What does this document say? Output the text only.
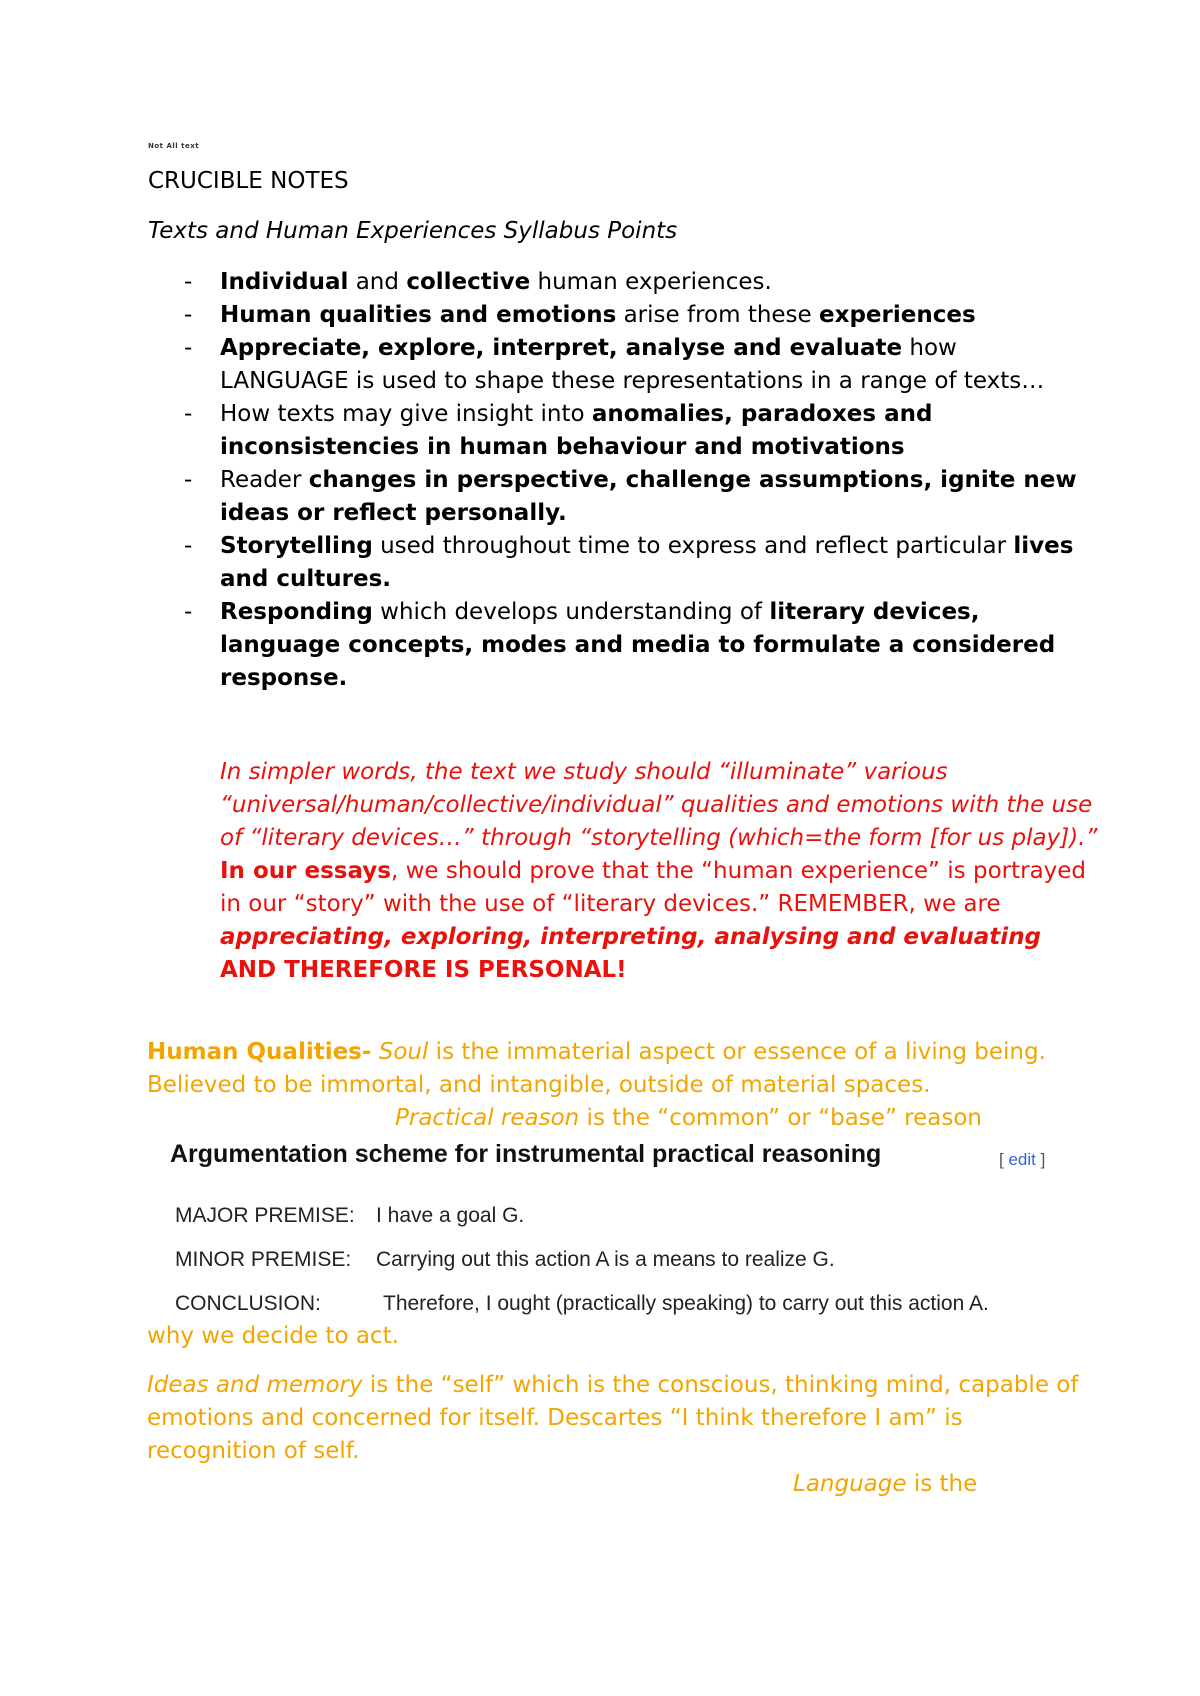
Not All text
CRUCIBLE NOTES
Texts and Human Experiences Syllabus Points
- Individual and collective human experiences.
- Human qualities and emotions arise from these experiences
- Appreciate, explore, interpret, analyse and evaluate how LANGUAGE is used to shape these representations in a range of texts…
- How texts may give insight into anomalies, paradoxes and inconsistencies in human behaviour and motivations
- Reader changes in perspective, challenge assumptions, ignite new ideas or reflect personally.
- Storytelling used throughout time to express and reflect particular lives and cultures.
- Responding which develops understanding of literary devices, language concepts, modes and media to formulate a considered response.
In simpler words, the text we study should “illuminate” various “universal/human/collective/individual” qualities and emotions with the use of “literary devices…” through “storytelling (which=the form [for us play]).”
In our essays, we should prove that the “human experience” is portrayed in our “story” with the use of “literary devices.” REMEMBER, we are appreciating, exploring, interpreting, analysing and evaluating AND THEREFORE IS PERSONAL!
Human Qualities- Soul is the immaterial aspect or essence of a living being. Believed to be immortal, and intangible, outside of material spaces.
Practical reason is the “common” or “base” reason
Argumentation scheme for instrumental practical reasoning	[ edit ]
MAJOR PREMISE: I have a goal G.
MINOR PREMISE: Carrying out this action A is a means to realize G.
CONCLUSION:	Therefore, I ought (practically speaking) to carry out this action A.
why we decide to act.
Ideas and memory is the “self” which is the conscious, thinking mind, capable of emotions and concerned for itself. Descartes “I think therefore I am” is recognition of self.
Language is the
